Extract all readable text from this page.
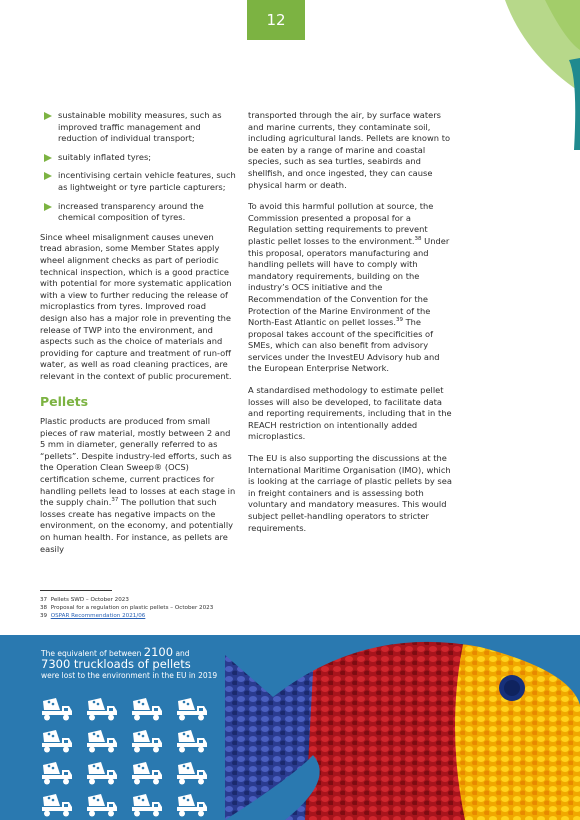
12
sustainable mobility measures, such as improved traffic management and reduction of individual transport;
suitably inflated tyres;
incentivising certain vehicle features, such as lightweight or tyre particle capturers;
increased transparency around the chemical composition of tyres.

Since wheel misalignment causes uneven tread abrasion, some Member States apply wheel alignment checks as part of periodic technical inspection, which is a good practice with potential for more systematic application with a view to further reducing the release of microplastics from tyres. Improved road design also has a major role in preventing the release of TWP into the environment, and aspects such as the choice of materials and providing for capture and treatment of run-off water, as well as road cleaning practices, are relevant in the context of public procurement.

Pellets

Plastic products are produced from small pieces of raw material, mostly between 2 and 5 mm in diameter, generally referred to as “pellets”. Despite industry-led efforts, such as the Operation Clean Sweep® (OCS) certification scheme, current practices for handling pellets lead to losses at each stage in the supply chain.$^{37}$ The pollution that such losses create has negative impacts on the environment, on the economy, and potentially on human health. For instance, as pellets are easily

transported through the air, by surface waters and marine currents, they contaminate soil, including agricultural lands. Pellets are known to be eaten by a range of marine and coastal species, such as sea turtles, seabirds and shellfish, and once ingested, they can cause physical harm or death.

To avoid this harmful pollution at source, the Commission presented a proposal for a Regulation setting requirements to prevent plastic pellet losses to the environment.$^{38}$ Under this proposal, operators manufacturing and handling pellets will have to comply with mandatory requirements, building on the industry’s OCS initiative and the Recommendation of the Convention for the Protection of the Marine Environment of the North-East Atlantic on pellet losses.$^{39}$ The proposal takes account of the specificities of SMEs, which can also benefit from advisory services under the InvestEU Advisory hub and the European Enterprise Network.

A standardised methodology to estimate pellet losses will also be developed, to facilitate data and reporting requirements, including that in the REACH restriction on intentionally added microplastics.

The EU is also supporting the discussions at the International Maritime Organisation (IMO), which is looking at the carriage of plastic pellets by sea in freight containers and is assessing both voluntary and mandatory measures. This would subject pellet-handling operators to stricter requirements.

37 Pellets SWD – October 2023
38 Proposal for a regulation on plastic pellets – October 2023
39 OSPAR Recommendation 2021/06
The equivalent of between 2100 and
7300 truckloads of pellets
were lost to the environment in the EU in 2019
